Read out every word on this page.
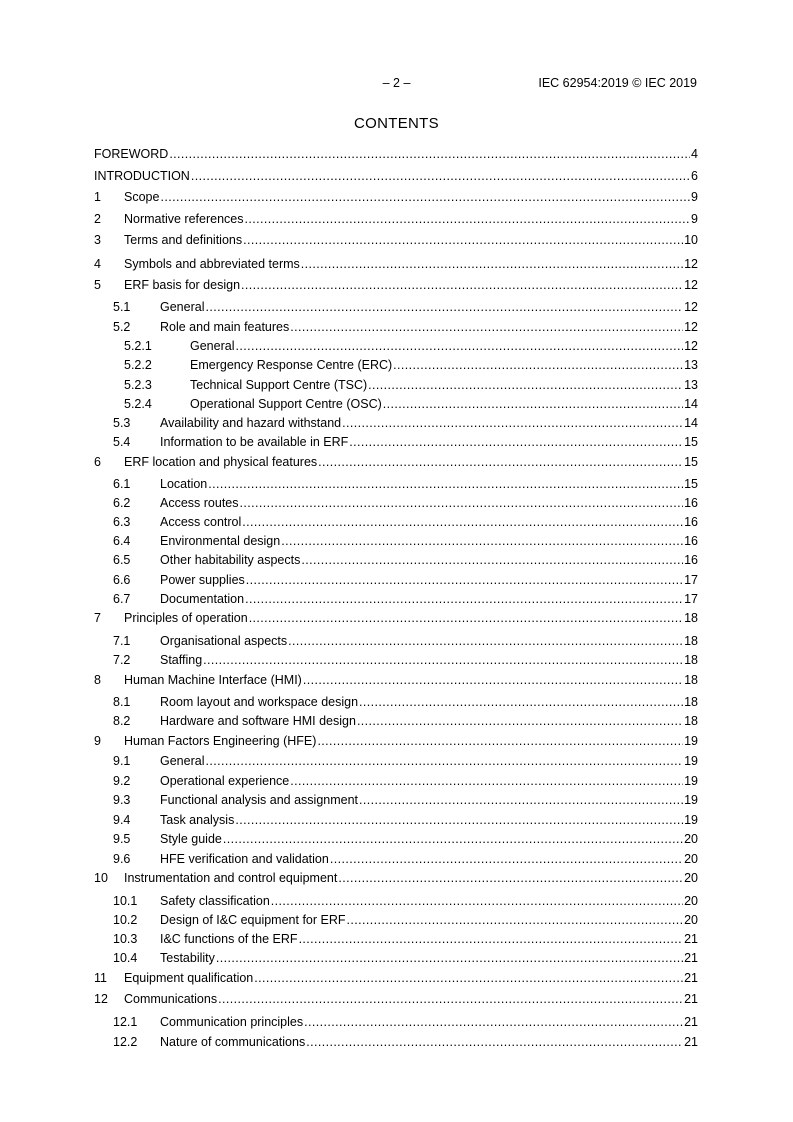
– 2 –	IEC 62954:2019 © IEC 2019
CONTENTS
FOREWORD .....	4
INTRODUCTION .....	6
1	Scope .....	9
2	Normative references .....	9
3	Terms and definitions .....	10
4	Symbols and abbreviated terms .....	12
5	ERF basis for design .....	12
5.1	General .....	12
5.2	Role and main features .....	12
5.2.1	General .....	12
5.2.2	Emergency Response Centre (ERC) .....	13
5.2.3	Technical Support Centre (TSC) .....	13
5.2.4	Operational Support Centre (OSC) .....	14
5.3	Availability and hazard withstand .....	14
5.4	Information to be available in ERF .....	15
6	ERF location and physical features .....	15
6.1	Location .....	15
6.2	Access routes .....	16
6.3	Access control .....	16
6.4	Environmental design .....	16
6.5	Other habitability aspects .....	16
6.6	Power supplies .....	17
6.7	Documentation .....	17
7	Principles of operation .....	18
7.1	Organisational aspects .....	18
7.2	Staffing .....	18
8	Human Machine Interface (HMI) .....	18
8.1	Room layout and workspace design .....	18
8.2	Hardware and software HMI design .....	18
9	Human Factors Engineering (HFE) .....	19
9.1	General .....	19
9.2	Operational experience .....	19
9.3	Functional analysis and assignment .....	19
9.4	Task analysis .....	19
9.5	Style guide .....	20
9.6	HFE verification and validation .....	20
10	Instrumentation and control equipment .....	20
10.1	Safety classification .....	20
10.2	Design of I&C equipment for ERF .....	20
10.3	I&C functions of the ERF .....	21
10.4	Testability .....	21
11	Equipment qualification .....	21
12	Communications .....	21
12.1	Communication principles .....	21
12.2	Nature of communications .....	21
